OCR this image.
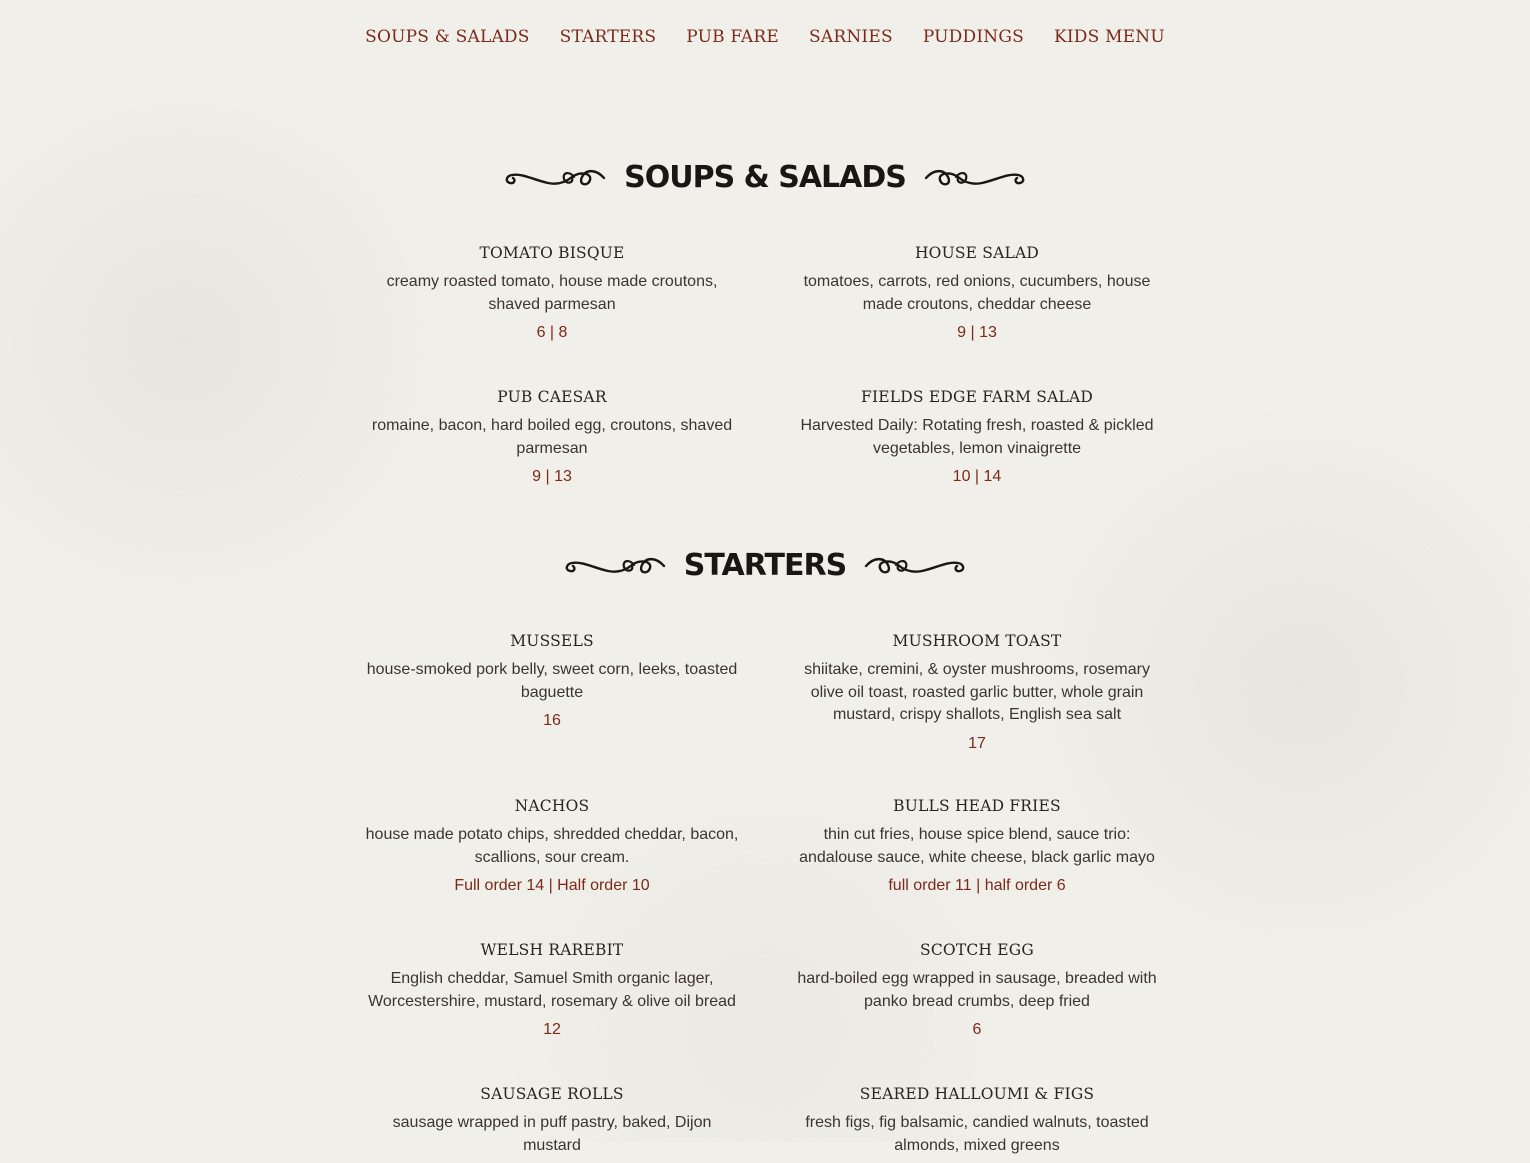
SOUPS & SALADS	STARTERS	PUB FARE	SARNIES	PUDDINGS	KIDS MENU
SOUPS & SALADS
TOMATO BISQUE
creamy roasted tomato, house made croutons, shaved parmesan
6 | 8
HOUSE SALAD
tomatoes, carrots, red onions, cucumbers, house made croutons, cheddar cheese
9 | 13
PUB CAESAR
romaine, bacon, hard boiled egg, croutons, shaved parmesan
9 | 13
FIELDS EDGE FARM SALAD
Harvested Daily: Rotating fresh, roasted & pickled vegetables, lemon vinaigrette
10 | 14
STARTERS
MUSSELS
house-smoked pork belly, sweet corn, leeks, toasted baguette
16
MUSHROOM TOAST
shiitake, cremini, & oyster mushrooms, rosemary olive oil toast, roasted garlic butter, whole grain mustard, crispy shallots, English sea salt
17
NACHOS
house made potato chips, shredded cheddar, bacon, scallions, sour cream.
Full order 14 | Half order 10
BULLS HEAD FRIES
thin cut fries, house spice blend, sauce trio: andalouse sauce, white cheese, black garlic mayo
full order 11 | half order 6
WELSH RAREBIT
English cheddar, Samuel Smith organic lager, Worcestershire, mustard, rosemary & olive oil bread
12
SCOTCH EGG
hard-boiled egg wrapped in sausage, breaded with panko bread crumbs, deep fried
6
SAUSAGE ROLLS
sausage wrapped in puff pastry, baked, Dijon mustard
SEARED HALLOUMI & FIGS
fresh figs, fig balsamic, candied walnuts, toasted almonds, mixed greens
